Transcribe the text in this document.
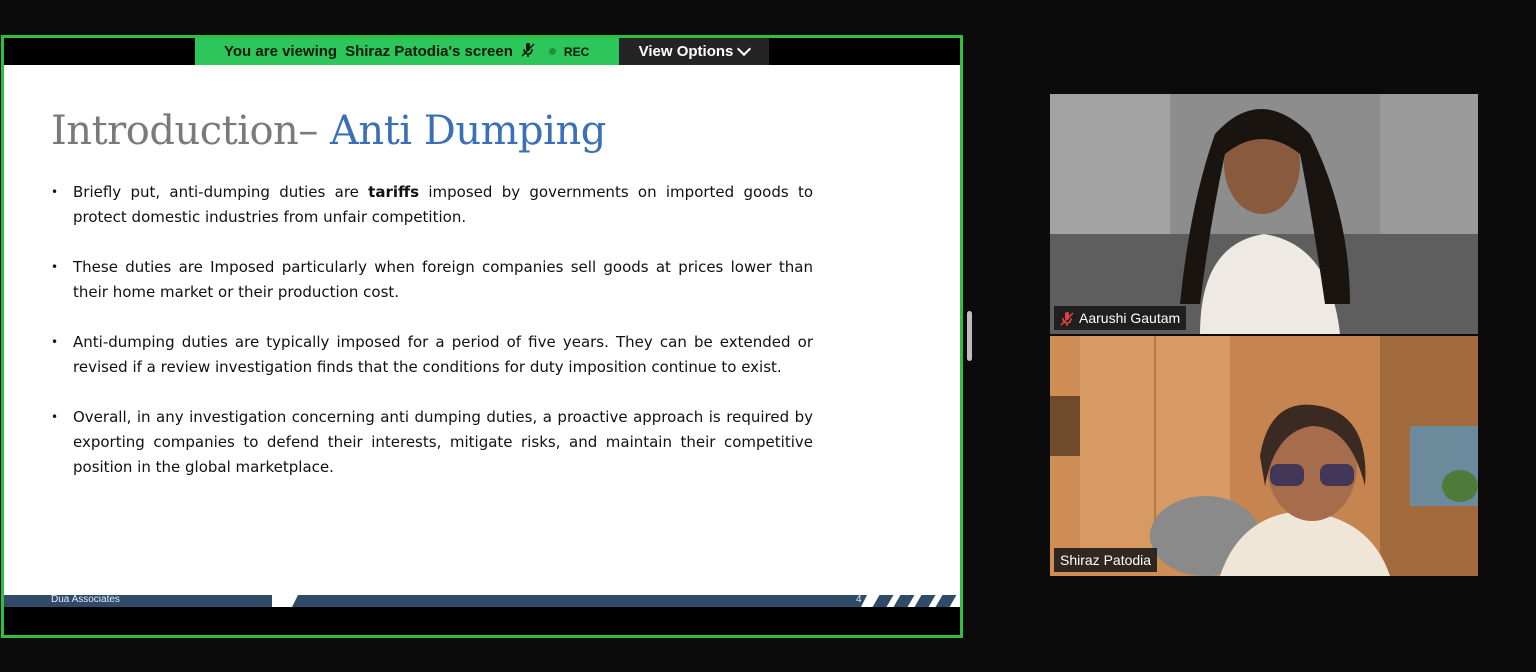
You are viewing Shiraz Patodia's screen	REC	View Options
Introduction– Anti Dumping
• Briefly put, anti-dumping duties are tariffs imposed by governments on imported goods to protect domestic industries from unfair competition.
• These duties are Imposed particularly when foreign companies sell goods at prices lower than their home market or their production cost.
• Anti-dumping duties are typically imposed for a period of five years. They can be extended or revised if a review investigation finds that the conditions for duty imposition continue to exist.
• Overall, in any investigation concerning anti dumping duties, a proactive approach is required by exporting companies to defend their interests, mitigate risks, and maintain their competitive position in the global marketplace.
Dua Associates	4
Aarushi Gautam
Shiraz Patodia
